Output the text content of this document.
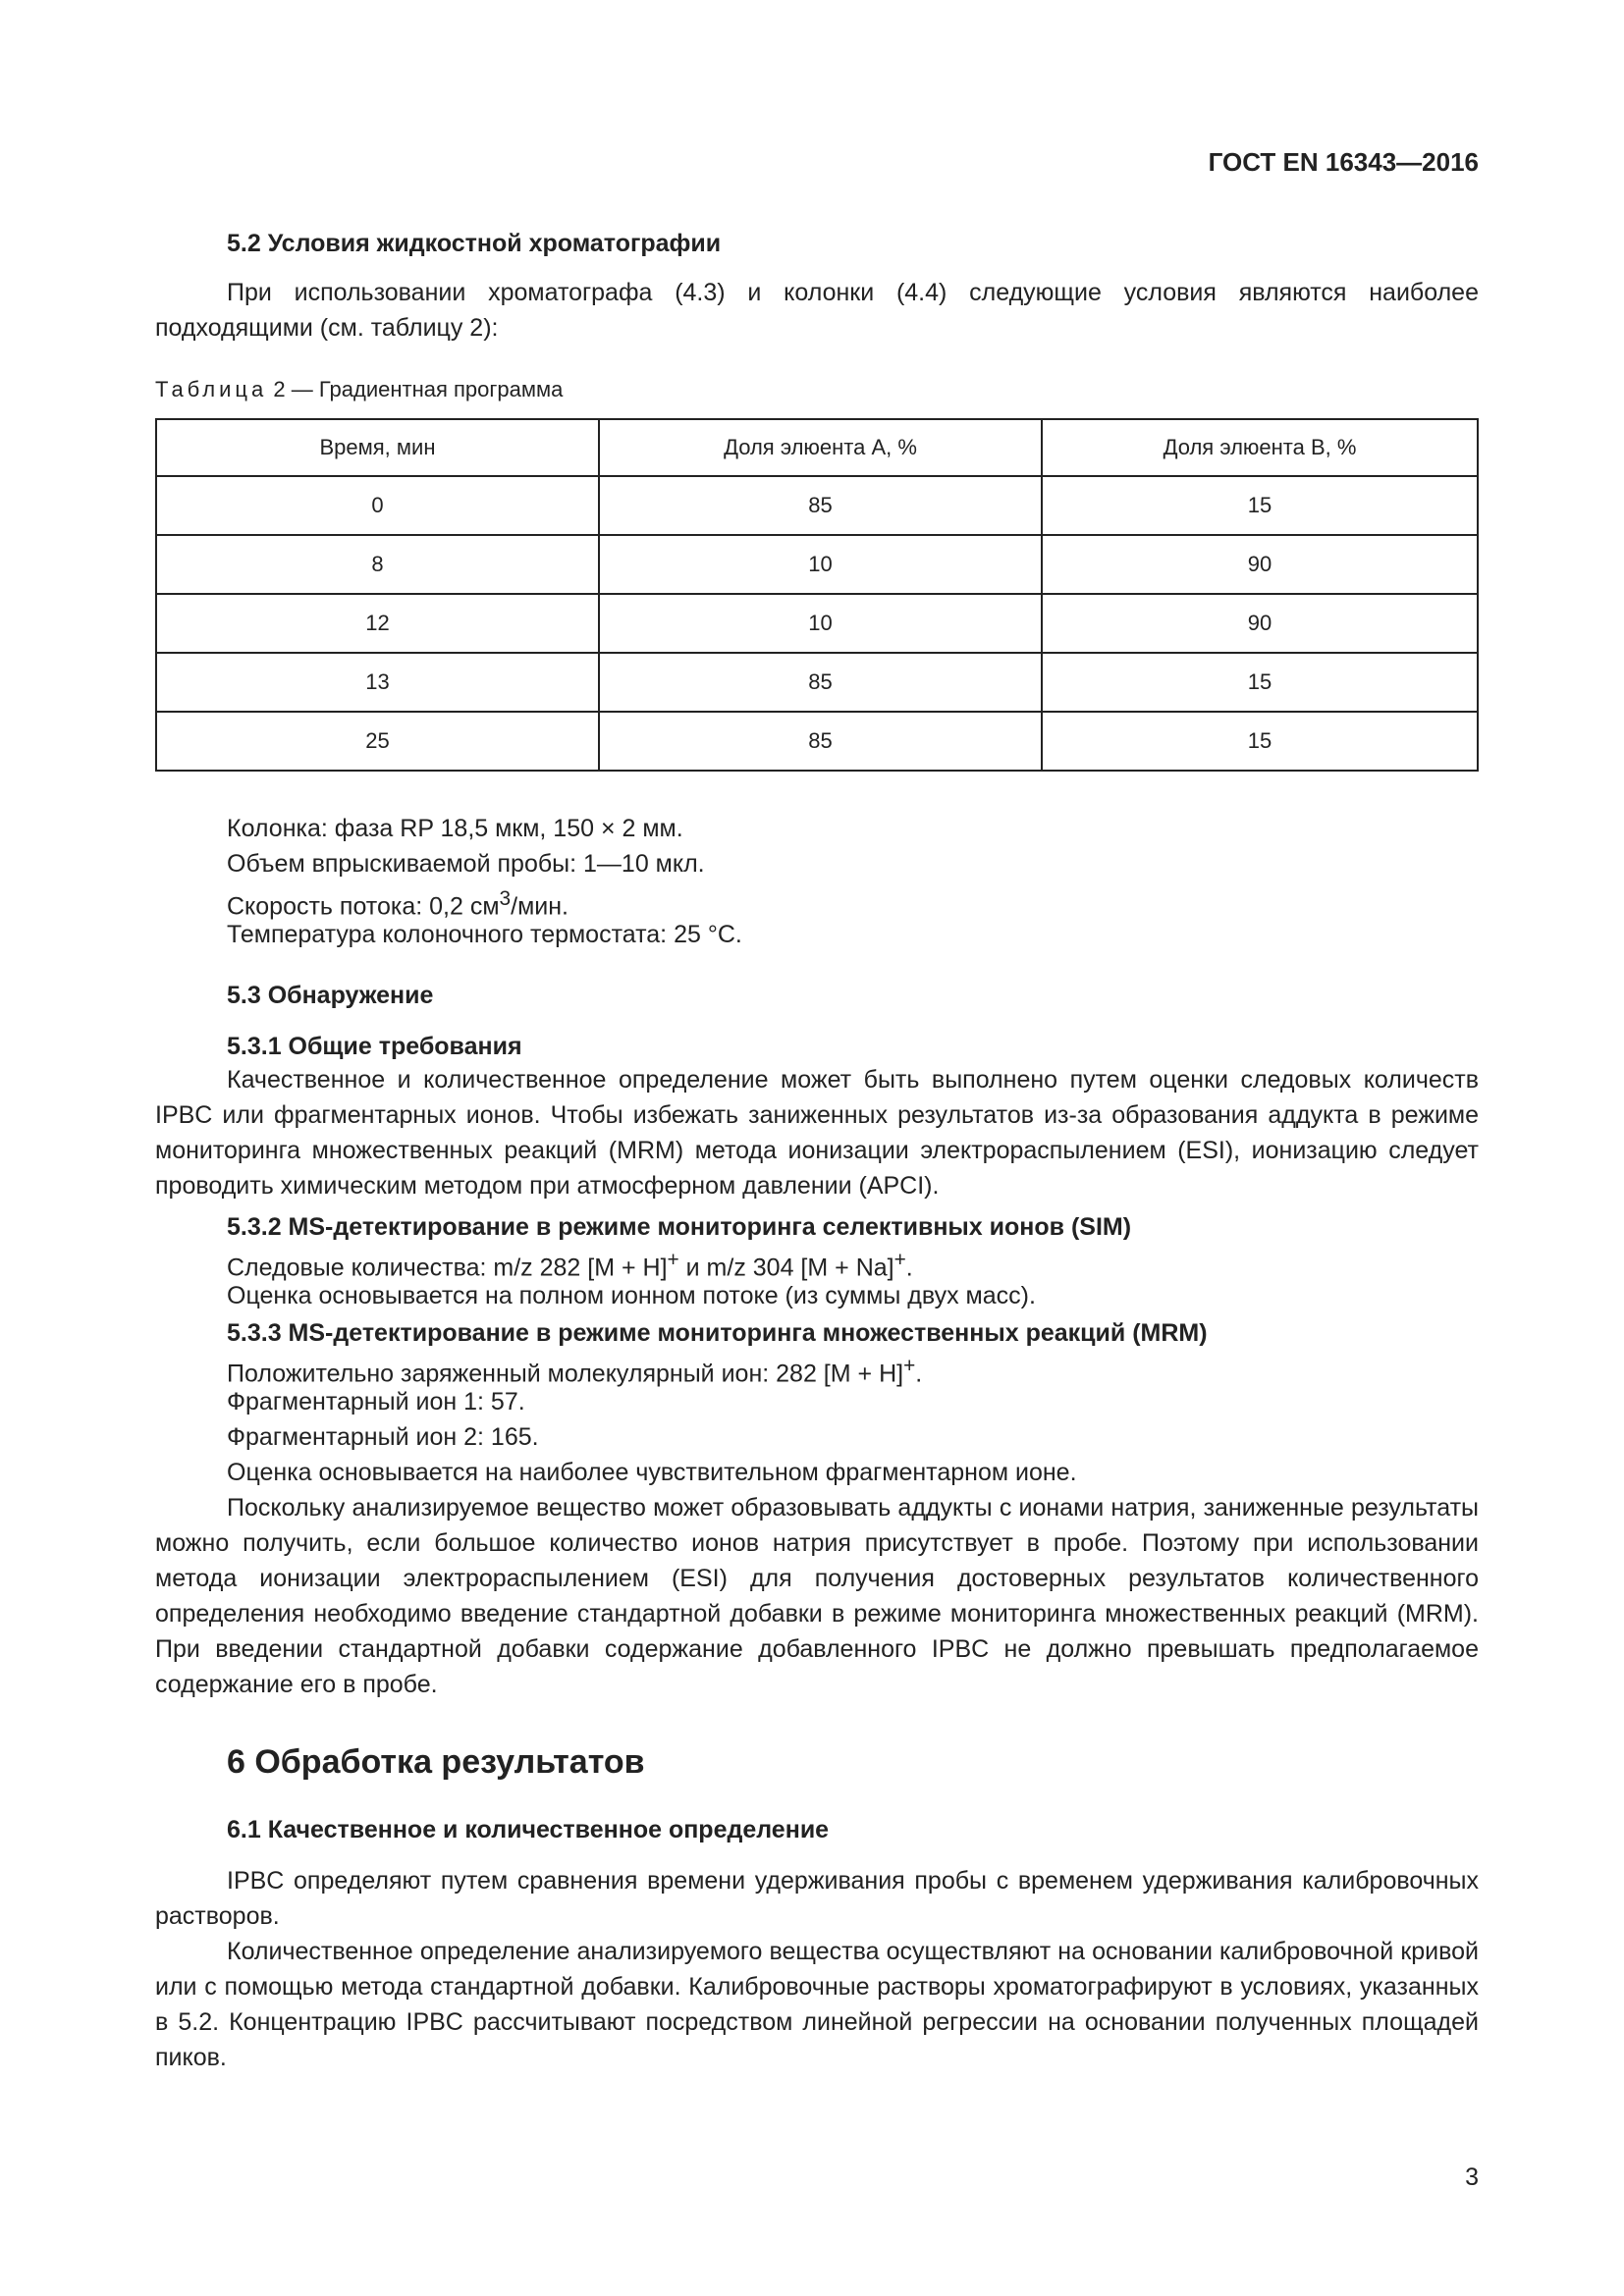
ГОСТ EN 16343—2016
5.2 Условия жидкостной хроматографии

При использовании хроматографа (4.3) и колонки (4.4) следующие условия являются наиболее подходящими (см. таблицу 2):

Таблица 2 — Градиентная программа
Время, мин	Доля элюента А, %	Доля элюента В, %
0	85	15
8	10	90
12	10	90
13	85	15
25	85	15
Колонка: фаза RP 18,5 мкм, 150 × 2 мм.
Объем впрыскиваемой пробы: 1—10 мкл.
Скорость потока: 0,2 $см^3$/мин.
Температура колоночного термостата: 25 °С.
5.3 Обнаружение
5.3.1 Общие требования

Качественное и количественное определение может быть выполнено путем оценки следовых количеств IPBC или фрагментарных ионов. Чтобы избежать заниженных результатов из-за образования аддукта в режиме мониторинга множественных реакций (MRM) метода ионизации электрораспылением (ESI), ионизацию следует проводить химическим методом при атмосферном давлении (APCI).

5.3.2 MS-детектирование в режиме мониторинга селективных ионов (SIM)
Следовые количества: m/z 282 [M + H]+ и m/z 304 [M + Na]+.
Оценка основывается на полном ионном потоке (из суммы двух масс).
5.3.3 MS-детектирование в режиме мониторинга множественных реакций (MRM)
Положительно заряженный молекулярный ион: 282 [M + H]+.
Фрагментарный ион 1: 57.
Фрагментарный ион 2: 165.
Оценка основывается на наиболее чувствительном фрагментарном ионе.

Поскольку анализируемое вещество может образовывать аддукты с ионами натрия, заниженные результаты можно получить, если большое количество ионов натрия присутствует в пробе. Поэтому при использовании метода ионизации электрораспылением (ESI) для получения достоверных результатов количественного определения необходимо введение стандартной добавки в режиме мониторинга множественных реакций (MRM). При введении стандартной добавки содержание добавленного IPBC не должно превышать предполагаемое содержание его в пробе.

6 Обработка результатов
6.1 Качественное и количественное определение

IPBC определяют путем сравнения времени удерживания пробы с временем удерживания калибровочных растворов.

Количественное определение анализируемого вещества осуществляют на основании калибровочной кривой или с помощью метода стандартной добавки. Калибровочные растворы хроматографируют в условиях, указанных в 5.2. Концентрацию IPBC рассчитывают посредством линейной регрессии на основании полученных площадей пиков.

3
